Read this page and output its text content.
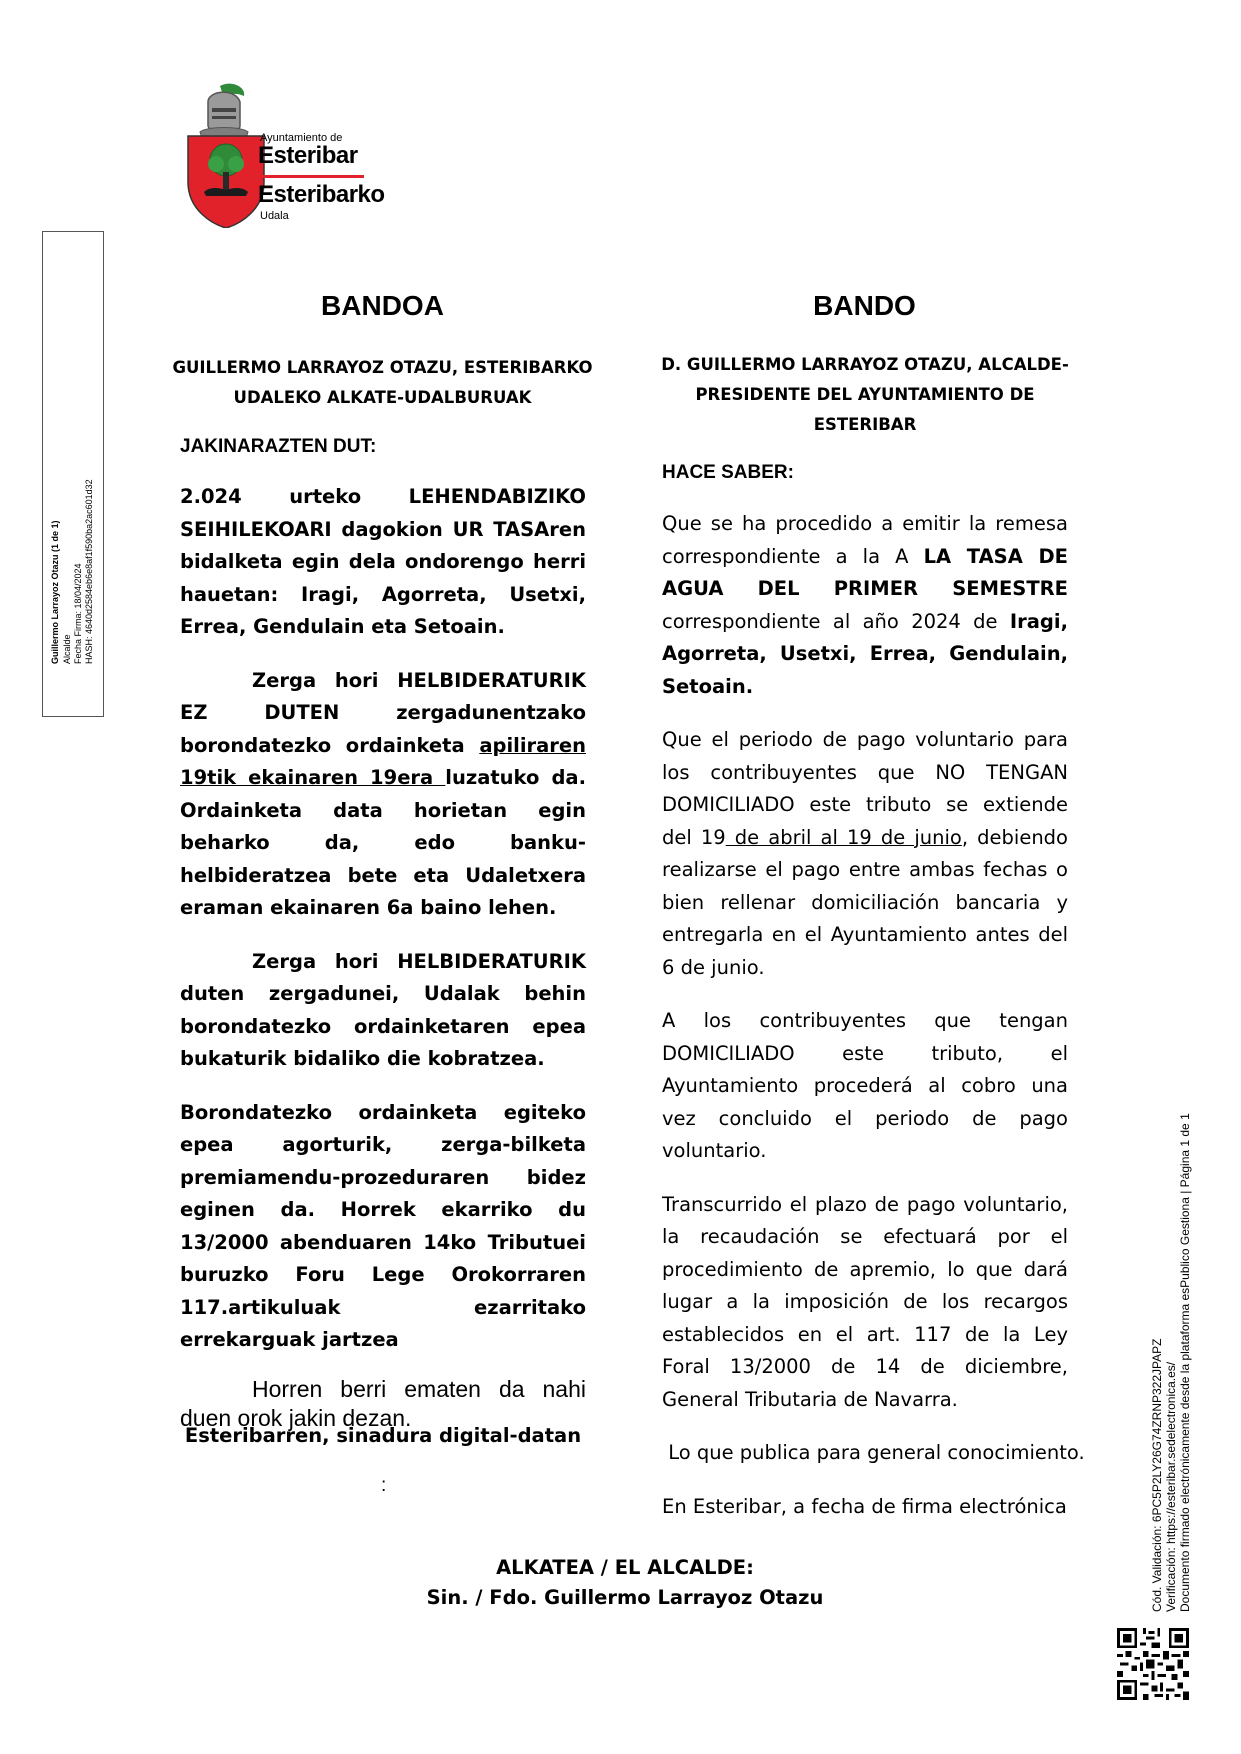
Ayuntamiento de
Esteribar
Esteribarko
Udala
Guillermo Larrayoz Otazu (1 de 1) Alcalde Fecha Firma: 18/04/2024 HASH: 4640d2584eb6e8af1f590ba2ac601d32
BANDOA
GUILLERMO LARRAYOZ OTAZU, ESTERIBARKO
UDALEKO ALKATE-UDALBURUAK
JAKINARAZTEN DUT:

2.024 urteko LEHENDABIZIKO SEIHILEKOARI dagokion UR TASAren bidalketa egin dela ondorengo herri hauetan: Iragi, Agorreta, Usetxi, Errea, Gendulain eta Setoain.

Zerga hori HELBIDERATURIK EZ DUTEN zergadunentzako borondatezko ordainketa apiliraren 19tik ekainaren 19era luzatuko da. Ordainketa data horietan egin beharko da, edo banku-helbideratzea bete eta Udaletxera eraman ekainaren 6a baino lehen.

Zerga hori HELBIDERATURIK duten zergadunei, Udalak behin borondatezko ordainketaren epea bukaturik bidaliko die kobratzea.

Borondatezko ordainketa egiteko epea agorturik, zerga-bilketa premiamendu-prozeduraren bidez eginen da. Horrek ekarriko du 13/2000 abenduaren 14ko Tributuei buruzko Foru Lege Orokorraren 117.artikuluak ezarritako errekarguak jartzea

Horren berri ematen da nahi duen orok jakin dezan.

Esteribarren, sinadura digital-datan
:
BANDO
D. GUILLERMO LARRAYOZ OTAZU, ALCALDE-
PRESIDENTE DEL AYUNTAMIENTO DE
ESTERIBAR
HACE SABER:

Que se ha procedido a emitir la remesa correspondiente a la A LA TASA DE AGUA DEL PRIMER SEMESTRE correspondiente al año 2024 de Iragi, Agorreta, Usetxi, Errea, Gendulain, Setoain.

Que el periodo de pago voluntario para los contribuyentes que NO TENGAN DOMICILIADO este tributo se extiende del 19 de abril al 19 de junio, debiendo realizarse el pago entre ambas fechas o bien rellenar domiciliación bancaria y entregarla en el Ayuntamiento antes del 6 de junio.

A los contribuyentes que tengan DOMICILIADO este tributo, el Ayuntamiento procederá al cobro una vez concluido el periodo de pago voluntario.

Transcurrido el plazo de pago voluntario, la recaudación se efectuará por el procedimiento de apremio, lo que dará lugar a la imposición de los recargos establecidos en el art. 117 de la Ley Foral 13/2000 de 14 de diciembre, General Tributaria de Navarra.

Lo que publica para general conocimiento.

En Esteribar, a fecha de firma electrónica

ALKATEA / EL ALCALDE:
Sin. / Fdo. Guillermo Larrayoz Otazu	Cód. Validación: 6PC5P2LY26G74ZRNP322JPAPZ Verificación: https://esteribar.sedelectronica.es/ Documento firmado electrónicamente desde la plataforma esPublico Gestiona | Página 1 de 1
